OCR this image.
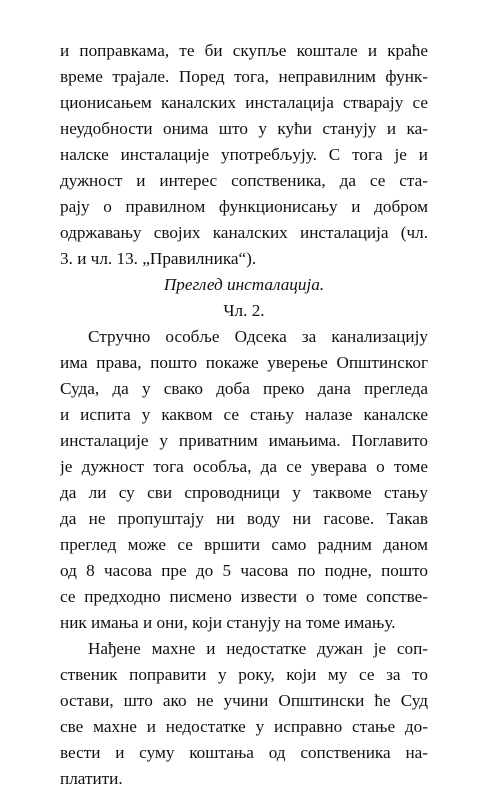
и поправкама, те би скупље коштале и краће
време трајале. Поред тога, неправилним функ-
ционисањем каналских инсталација стварају се
неудобности онима што у кући станују и ка-
налске инсталације употребљују. С тога је и
дужност и интерес сопственика, да се ста-
рају о правилном функционисању и добром
одржавању својих каналских инсталација (чл.
3. и чл. 13. „Правилника“).
Преглед инсталација.
Чл. 2.
Стручно особље Одсека за канализацију
има права, пошто покаже уверење Општинског
Суда, да у свако доба преко дана прегледа
и испита у каквом се стању налазе каналске
инсталације у приватним имањима. Поглавито
је дужност тога особља, да се уверава о томе
да ли су сви спроводници у таквоме стању
да не пропуштају ни воду ни гасове. Такав
преглед може се вршити само радним даном
од 8 часова пре до 5 часова по подне, пошто
се предходно писмено извести о томе сопстве-
ник имања и они, који станују на томе имању.
Нађене махне и недостатке дужан је соп-
ственик поправити у року, који му се за то
остави, што ако не учини Општински ће Суд
све махне и недостатке у исправно стање до-
вести и суму коштања од сопственика на-
платити.
